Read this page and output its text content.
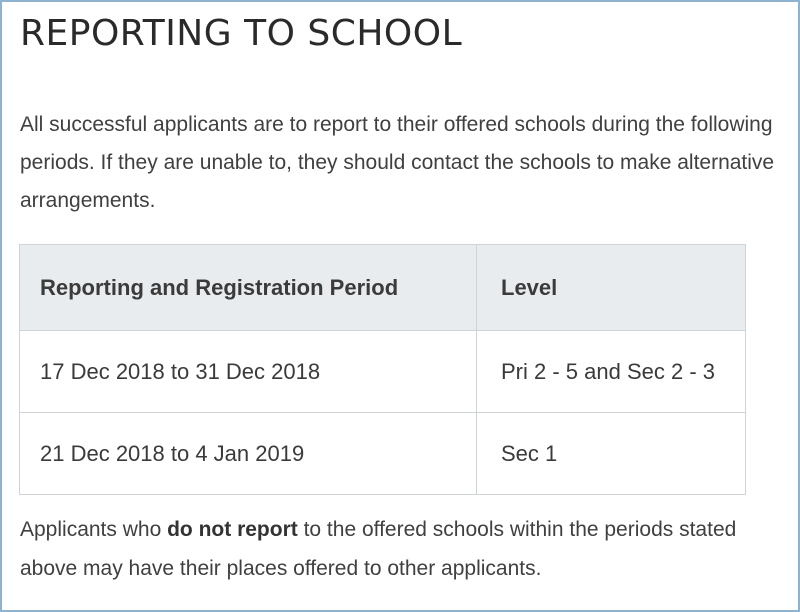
REPORTING TO SCHOOL

All successful applicants are to report to their offered schools during the following periods. If they are unable to, they should contact the schools to make alternative arrangements.

Reporting and Registration Period	Level
17 Dec 2018 to 31 Dec 2018	Pri 2 - 5 and Sec 2 - 3
21 Dec 2018 to 4 Jan 2019	Sec 1

Applicants who do not report to the offered schools within the periods stated above may have their places offered to other applicants.
